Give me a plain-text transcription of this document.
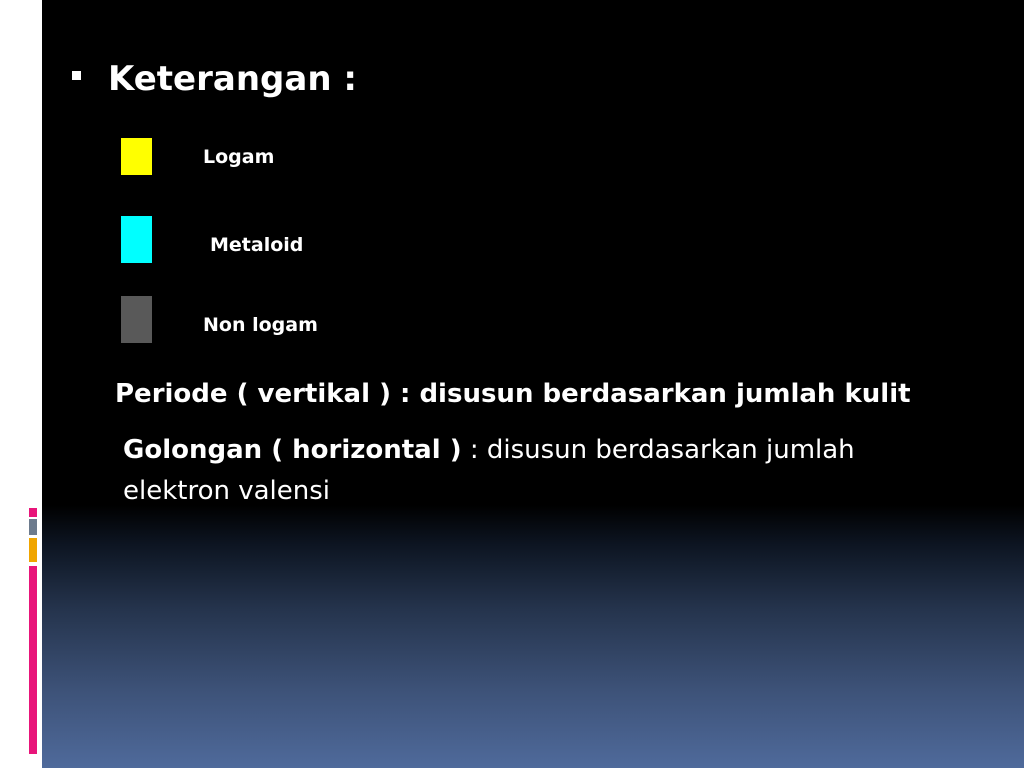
Keterangan :
Logam
Metaloid
Non logam
Periode ( vertikal ) : disusun berdasarkan jumlah kulit
Golongan ( horizontal ) : disusun berdasarkan jumlah
elektron valensi
